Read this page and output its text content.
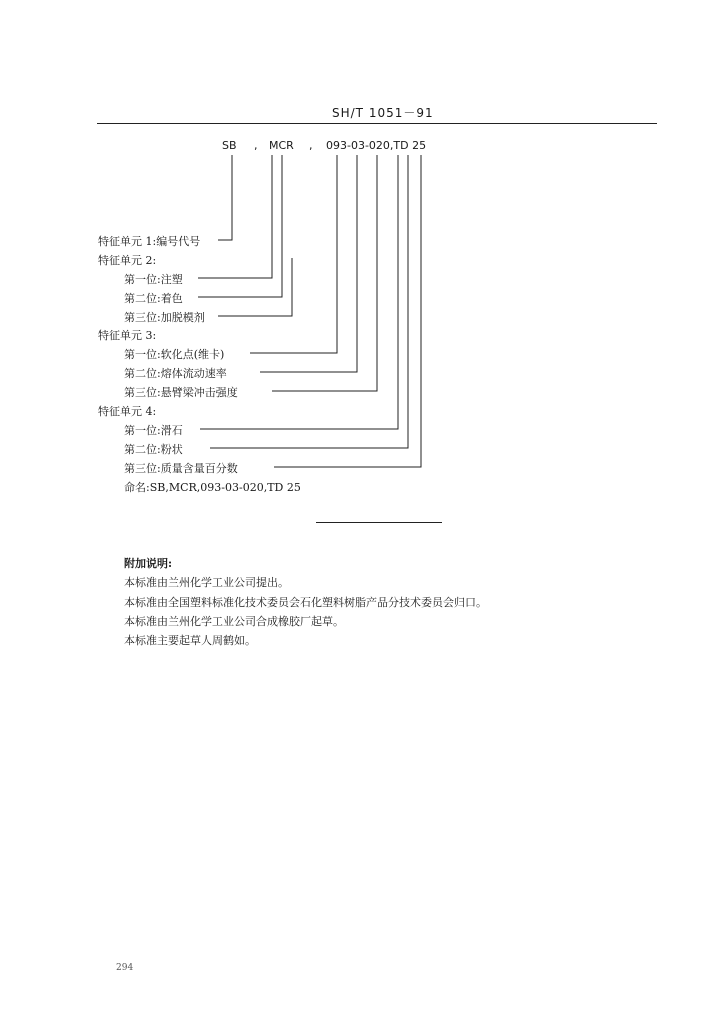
SH/T 1051－91
SB , MCR , 093-03-020,TD 25
特征单元 1:编号代号
特征单元 2:
第一位:注塑
第二位:着色
第三位:加脱模剂
特征单元 3:
第一位:软化点(维卡)
第二位:熔体流动速率
第三位:悬臂梁冲击强度
特征单元 4:
第一位:滑石
第二位:粉状
第三位:质量含量百分数
命名:SB,MCR,093-03-020,TD 25
附加说明:
本标准由兰州化学工业公司提出。
本标准由全国塑料标准化技术委员会石化塑料树脂产品分技术委员会归口。
本标准由兰州化学工业公司合成橡胶厂起草。
本标准主要起草人周鹤如。
294
